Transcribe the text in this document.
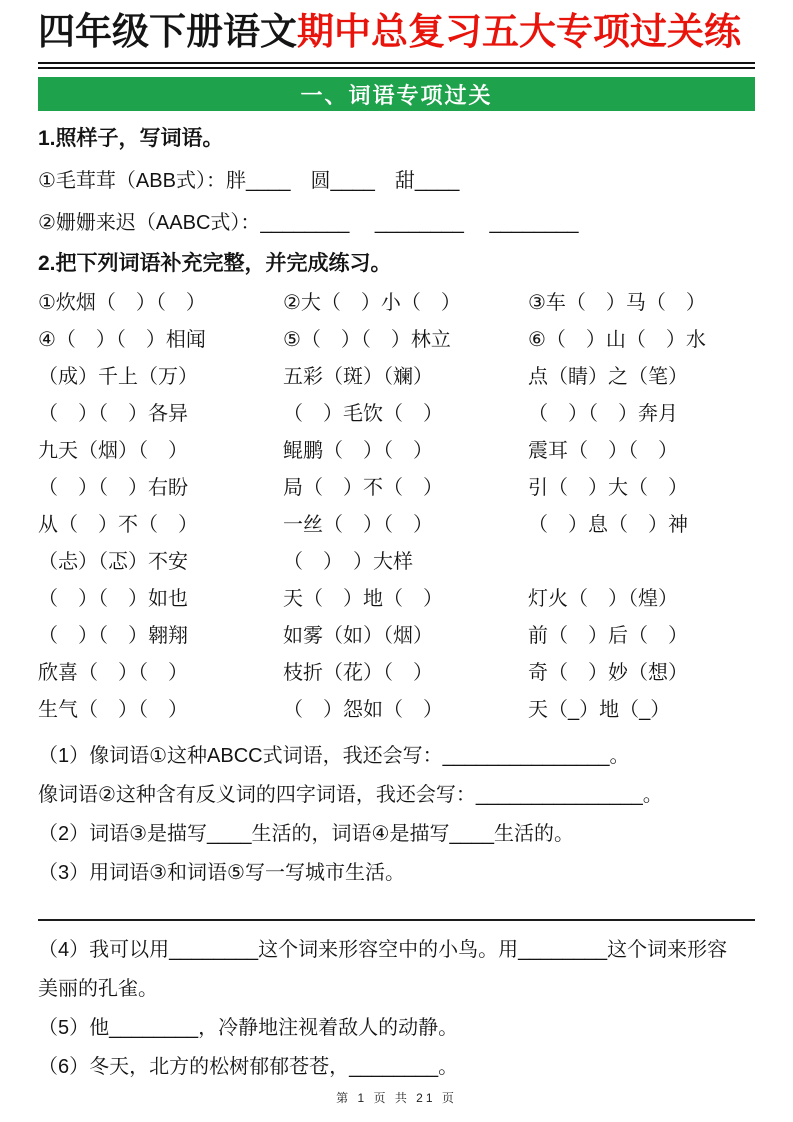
四年级下册语文期中总复习五大专项过关练
一、词语专项过关
1.照样子，写词语。
①毛茸茸（ABB式）：胖____　圆____　甜____
②姗姗来迟（AABC式）：________　 ________　 ________
2.把下列词语补充完整，并完成练习。
①炊烟（　）（　）	②大（　）小（　）	③车（　）马（　）
④（　）（　）相闻	⑤（　）（　）林立	⑥（　）山（　）水
（成）千上（万）	五彩（斑）（斓）	点（睛）之（笔）
（　）（　）各异	（　）毛饮（　）	（　）（　）奔月
九天（烟）（　）	鲲鹏（　）（　）	震耳（　）（　）
（　）（　）右盼	局（　）不（　）	引（　）大（　）
从（　）不（　）	一丝（　）（　）	（　）息（　）神
（忐）（忑）不安	（　）　）大样
（　）（　）如也	天（　）地（　）	灯火（　）（煌）
（　）（　）翱翔	如雾（如）（烟）	前（　）后（　）
欣喜（　）（　）	枝折（花）（　）	奇（　）妙（想）
生气（　）（　）	（　）怨如（　）	天（_）地（_）

（1）像词语①这种ABCC式词语，我还会写：_______________。

像词语②这种含有反义词的四字词语，我还会写：_______________。

（2）词语③是描写____生活的，词语④是描写____生活的。

（3）用词语③和词语⑤写一写城市生活。

（4）我可以用________这个词来形容空中的小鸟。用________这个词来形容

美丽的孔雀。

（5）他________，冷静地注视着敌人的动静。

（6）冬天，北方的松树郁郁苍苍，________。

第 1 页 共 21 页
